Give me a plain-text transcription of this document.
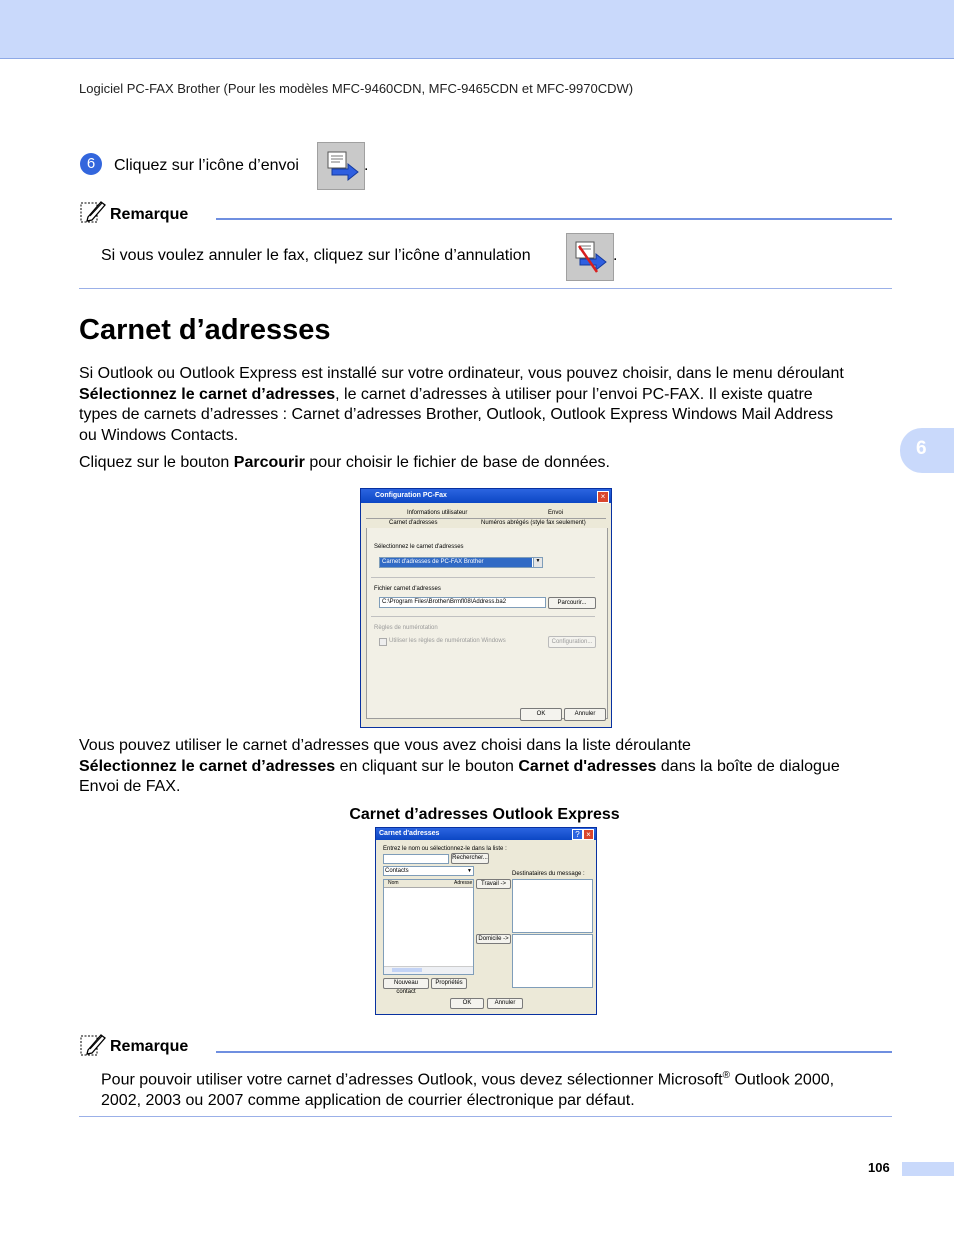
Logiciel PC-FAX Brother (Pour les modèles MFC-9460CDN, MFC-9465CDN et MFC-9970CDW)
6	Cliquez sur l’icône d’envoi	.
Remarque
Si vous voulez annuler le fax, cliquez sur l’icône d’annulation	.
Carnet d’adresses
Si Outlook ou Outlook Express est installé sur votre ordinateur, vous pouvez choisir, dans le menu déroulant
Sélectionnez le carnet d’adresses, le carnet d’adresses à utiliser pour l’envoi PC-FAX. Il existe quatre
types de carnets d’adresses : Carnet d’adresses Brother, Outlook, Outlook Express Windows Mail Address
ou Windows Contacts.
Cliquez sur le bouton Parcourir pour choisir le fichier de base de données.
6
Configuration PC-Fax	×
Informations utilisateur	Envoi
Carnet d'adresses	Numéros abrégés (style fax seulement)
Sélectionnez le carnet d'adresses
Carnet d'adresses de PC-FAX Brother	▼
Fichier carnet d'adresses
C:\Program Files\Brother\Brmfl08\Address.ba2	Parcourir...
Règles de numérotation
Utiliser les règles de numérotation Windows	Configuration...
OK	Annuler
Vous pouvez utiliser le carnet d’adresses que vous avez choisi dans la liste déroulante
Sélectionnez le carnet d’adresses en cliquant sur le bouton Carnet d'adresses dans la boîte de dialogue
Envoi de FAX.
Carnet d’adresses Outlook Express
Carnet d'adresses	? ×
Entrez le nom ou sélectionnez-le dans la liste :
Rechercher...
Contacts	▼
Nom	Adresse	Travail ->
Domicile ->
Destinataires du message :
Nouveau contact
Propriétés
OK	Annuler
Remarque
Pour pouvoir utiliser votre carnet d’adresses Outlook, vous devez sélectionner Microsoft® Outlook 2000,
2002, 2003 ou 2007 comme application de courrier électronique par défaut.
106
